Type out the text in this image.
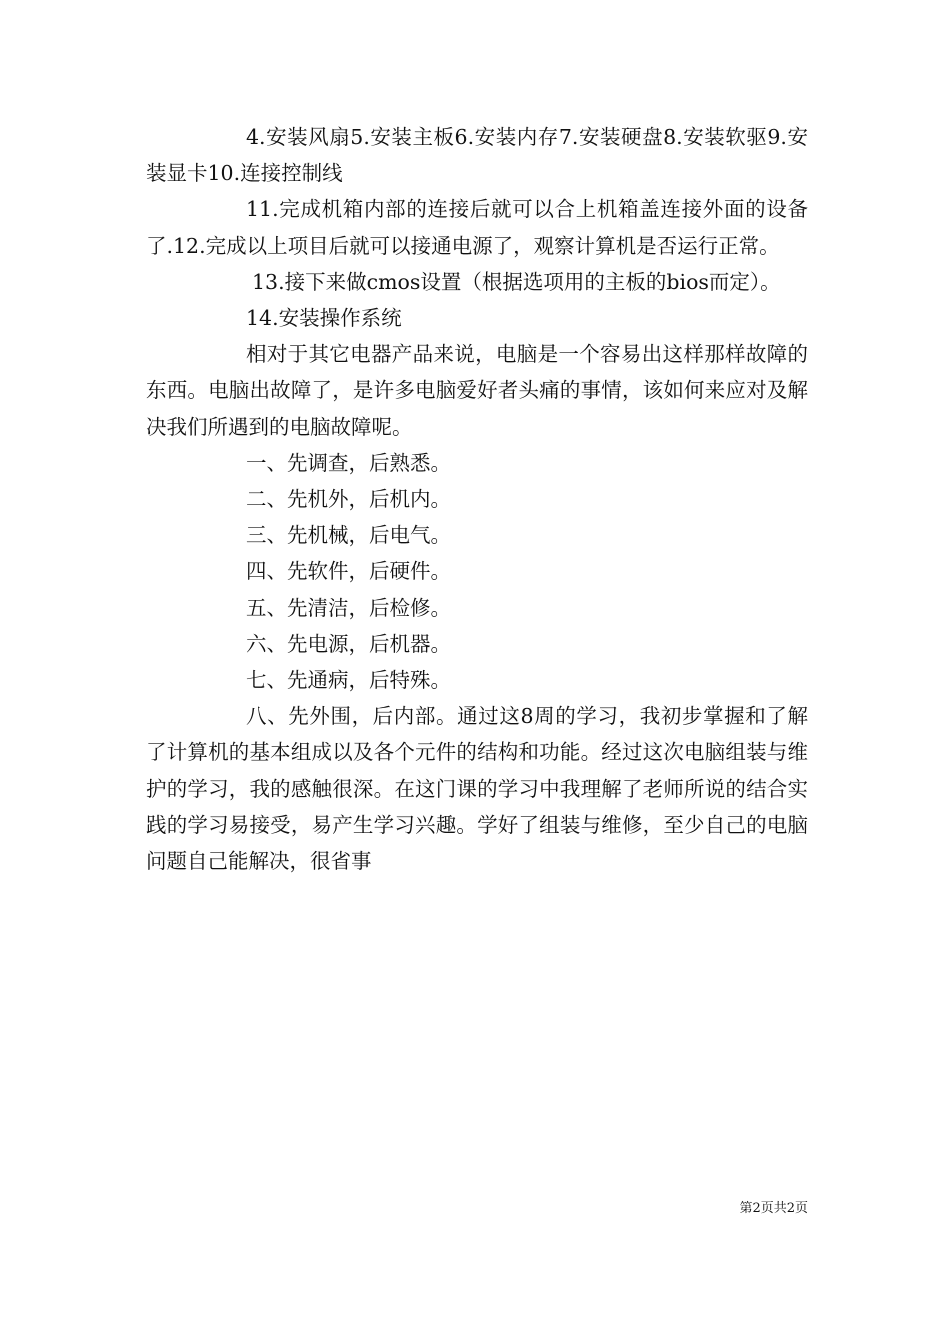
4.安装风扇5.安装主板6.安装内存7.安装硬盘8.安装软驱9.安装显卡10.连接控制线

11.完成机箱内部的连接后就可以合上机箱盖连接外面的设备了.12.完成以上项目后就可以接通电源了，观察计算机是否运行正常。

13.接下来做cmos设置（根据选项用的主板的bios而定）。

14.安装操作系统

相对于其它电器产品来说，电脑是一个容易出这样那样故障的东西。电脑出故障了，是许多电脑爱好者头痛的事情，该如何来应对及解决我们所遇到的电脑故障呢。

一、先调查，后熟悉。

二、先机外，后机内。

三、先机械，后电气。

四、先软件，后硬件。

五、先清洁，后检修。

六、先电源，后机器。

七、先通病，后特殊。

八、先外围，后内部。通过这8周的学习，我初步掌握和了解了计算机的基本组成以及各个元件的结构和功能。经过这次电脑组装与维护的学习，我的感触很深。在这门课的学习中我理解了老师所说的结合实践的学习易接受，易产生学习兴趣。学好了组装与维修，至少自己的电脑问题自己能解决，很省事

第2页共2页
